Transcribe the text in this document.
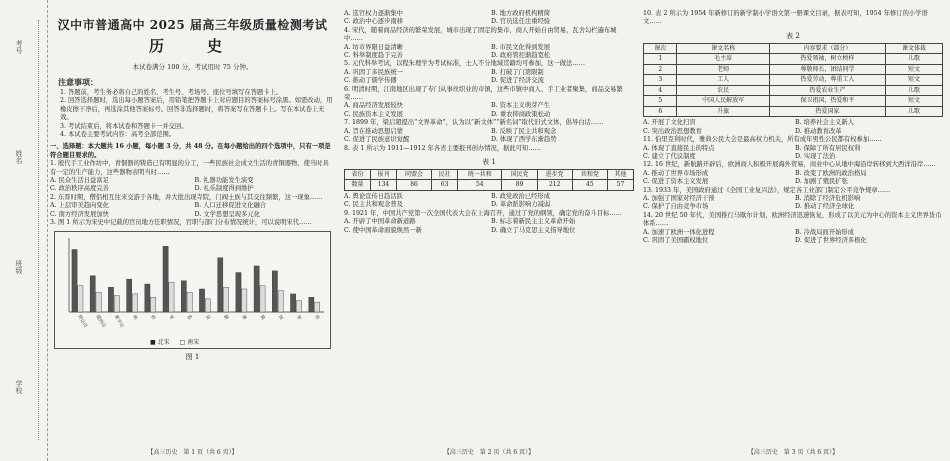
考号
姓名
班级
学校
汉中市普通高中 2025 届高三年级质量检测考试
历　史
本试卷满分 100 分，考试用时 75 分钟。
注意事项：

1. 答题前，考生务必将自己的姓名、考生号、考场号、座位号填写在答题卡上。

2. 回答选择题时，选出每小题答案后，用铅笔把答题卡上对应题目的答案标号涂黑。如需改动，用橡皮擦干净后，再选涂其他答案标号。回答非选择题时，将答案写在答题卡上。写在本试卷上无效。

3. 考试结束后，将本试卷和答题卡一并交回。

4. 本试卷主要考试内容：高考全部范围。

一、选择题：本大题共 16 小题，每小题 3 分，共 48 分。在每小题给出的四个选项中，只有一项是符合题目要求的。

1. 殷代手工业作坊中，青铜器的铸造已有明显的分工，一些民族社会成文生活的青铜器物，使当时具有一定的生产能力，这些器物表明当时……

A. 民众生活日益富足	B. 礼器功能发生演变

C. 政治秩序高度完善	D. 礼乐制度得到维护

2. 东晋时期，僧侣相互往来交游于各地，并大批出现寺院，门阀士族与其交往频繁，这一现象……

A. 上层审美趋向变化	B. 人口迁移促进文化融合

C. 南方经济发展加快	D. 文学思想呈现多元化

3. 图 1 所示为宋史中记载的官员地方任职情况，官职与部门分布情况统计，可以说明宋代……

转运司	提刑司	常平司	州	府	军	监	县	路	寨	镇	场	务	库
■ 北宋 □ 南宋
图 1
【高三历史　第 1 页（共 6 页）】

A. 选官权力逐渐集中	B. 地方政府机构精简

C. 政治中心逐步南移	D. 官员选任注重经验

4. 宋代，随着商品经济的繁荣发展，城市出现了固定的集市，商人开始自由贸易，瓦舍勾栏遍布城中……

A. 坊市界限日益清晰	B. 市民文化得到发展

C. 科举制度趋于完善	D. 政府管控渐趋宽松

5. 元代科举考试，以程朱理学为考试标准，士人不分地域贯籍均可参加，这一做法……

A. 巩固了多民族统一	B. 打破了门第限制

C. 推动了儒学传播	D. 促进了经济交流

6. 明清时期，江南地区出现了专门从事丝织业的市镇，这些市镇中商人、手工业者聚集，商品交易繁荣……

A. 商品经济发展较快	B. 资本主义萌芽产生

C. 民族资本主义发展	D. 重农抑商政策松动

7. 1899 年，梁启超提出“文界革命”，认为以“新文体”“新名词”取代旧式文体，倡导白话……

A. 旨在推动思想启蒙	B. 反映了民主共和观念

C. 促进了民族意识觉醒	D. 体现了西学东渐趋势

8. 表 1 所示为 1911—1912 年各省主要报刊创办情况，据此可知……

表 1
省份	报刊	同盟会	民社	统一共和	国民党	进步党	共和党	其他
数量	134	86	63	54	89	212	45	57

A. 舆论宣传日趋活跃	B. 政党政治已经形成

C. 民主共和观念普及	D. 革命派影响力减弱

9. 1921 年，中国共产党第一次全国代表大会在上海召开，通过了党的纲领，确定党的奋斗目标……

A. 开辟了中国革命新道路	B. 标志着新民主主义革命开始

C. 使中国革命面貌焕然一新	D. 确立了马克思主义指导地位

【高三历史　第 2 页（共 6 页）】

10. 表 2 所示为 1954 年新修订的新学制小学语文第一册课文目录，据表可知，1954 年修订的小学语文……

表 2
课次	课文名称	内容要求（部分）	课文体裁
1	毛主席	热爱领袖，树立榜样	儿歌
2	老师	尊敬师长，团结同学	短文
3	工人	热爱劳动，尊重工人	短文
4	农民	热爱农业生产	儿歌
5	中国人民解放军	保卫祖国，热爱和平	短文
6	升旗	热爱国家	儿歌

A. 开展了文化扫盲	B. 培养社会主义新人

C. 突出政治思想教育	D. 推动教育改革

11. 伯里克利时代，雅典公民大会是最高权力机关，所有成年男性公民都有权参加……

A. 体现了直接民主的特点	B. 保障了所有居民权利

C. 建立了代议制度	D. 实现了法治

12. 16 世纪，新航路开辟后，欧洲商人积极开展海外贸易，商业中心从地中海沿岸转移到大西洋沿岸……

A. 推动了世界市场形成	B. 改变了欧洲的政治格局

C. 促进了资本主义发展	D. 加剧了殖民扩张

13. 1933 年，美国政府通过《全国工业复兴法》，规定各工业部门制定公平竞争规章……

A. 加强了国家对经济干预	B. 消除了经济危机影响

C. 保护了自由竞争市场	D. 推动了经济全球化

14. 20 世纪 50 年代，美国推行马歇尔计划，欧洲经济迅速恢复，形成了以美元为中心的资本主义世界货币体系……

A. 加速了欧洲一体化进程	B. 冷战局面开始形成

C. 巩固了美国霸权地位	D. 促进了世界经济多极化

【高三历史　第 3 页（共 6 页）】
